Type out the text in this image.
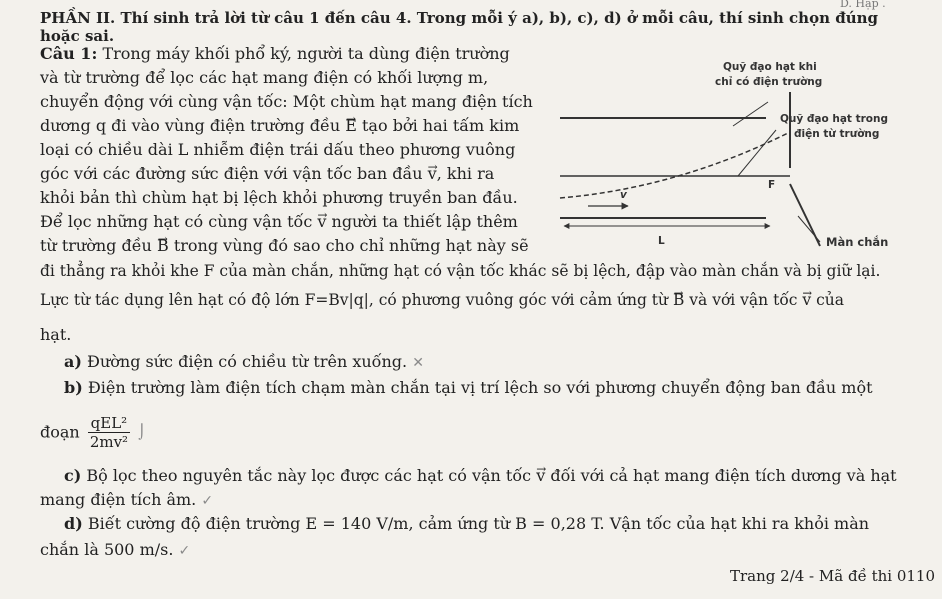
D. Hạp .
PHẦN II. Thí sinh trả lời từ câu 1 đến câu 4. Trong mỗi ý a), b), c), d) ở mỗi câu, thí sinh chọn đúng
hoặc sai.
Câu 1: Trong máy khối phổ ký, người ta dùng điện trường
và từ trường để lọc các hạt mang điện có khối lượng m,
chuyển động với cùng vận tốc: Một chùm hạt mang điện tích
dương q đi vào vùng điện trường đều → E tạo bởi hai tấm kim
loại có chiều dài L nhiễm điện trái dấu theo phương vuông
góc với các đường sức điện với vận tốc ban đầu → v, khi ra
khỏi bản thì chùm hạt bị lệch khỏi phương truyền ban đầu.
Để lọc những hạt có cùng vận tốc → v người ta thiết lập thêm
từ trường đều → B trong vùng đó sao cho chỉ những hạt này sẽ
đi thẳng ra khỏi khe F của màn chắn, những hạt có vận tốc khác sẽ bị lệch, đập vào màn chắn và bị giữ lại.
Lực từ tác dụng lên hạt có độ lớn F=Bv|q|, có phương vuông góc với cảm ứng từ → B và với vận tốc → v của
hạt.
a) Đường sức điện có chiều từ trên xuống. ✕
b) Điện trường làm điện tích chạm màn chắn tại vị trí lệch so với phương chuyển động ban đầu một
đoạn $\frac{\text{qEL²}}{\text{2mv²}}$ ⌡
c) Bộ lọc theo nguyên tắc này lọc được các hạt có vận tốc → v đối với cả hạt mang điện tích dương và hạt
mang điện tích âm. ✓
d) Biết cường độ điện trường E = 140 V/m, cảm ứng từ B = 0,28 T. Vận tốc của hạt khi ra khỏi màn
chắn là 500 m/s. ✓
Quỹ đạo hạt khi
chỉ có điện trường
Quỹ đạo hạt trong
điện từ trường
v
F
L	Màn chắn
Trang 2/4 - Mã đề thi 0110
